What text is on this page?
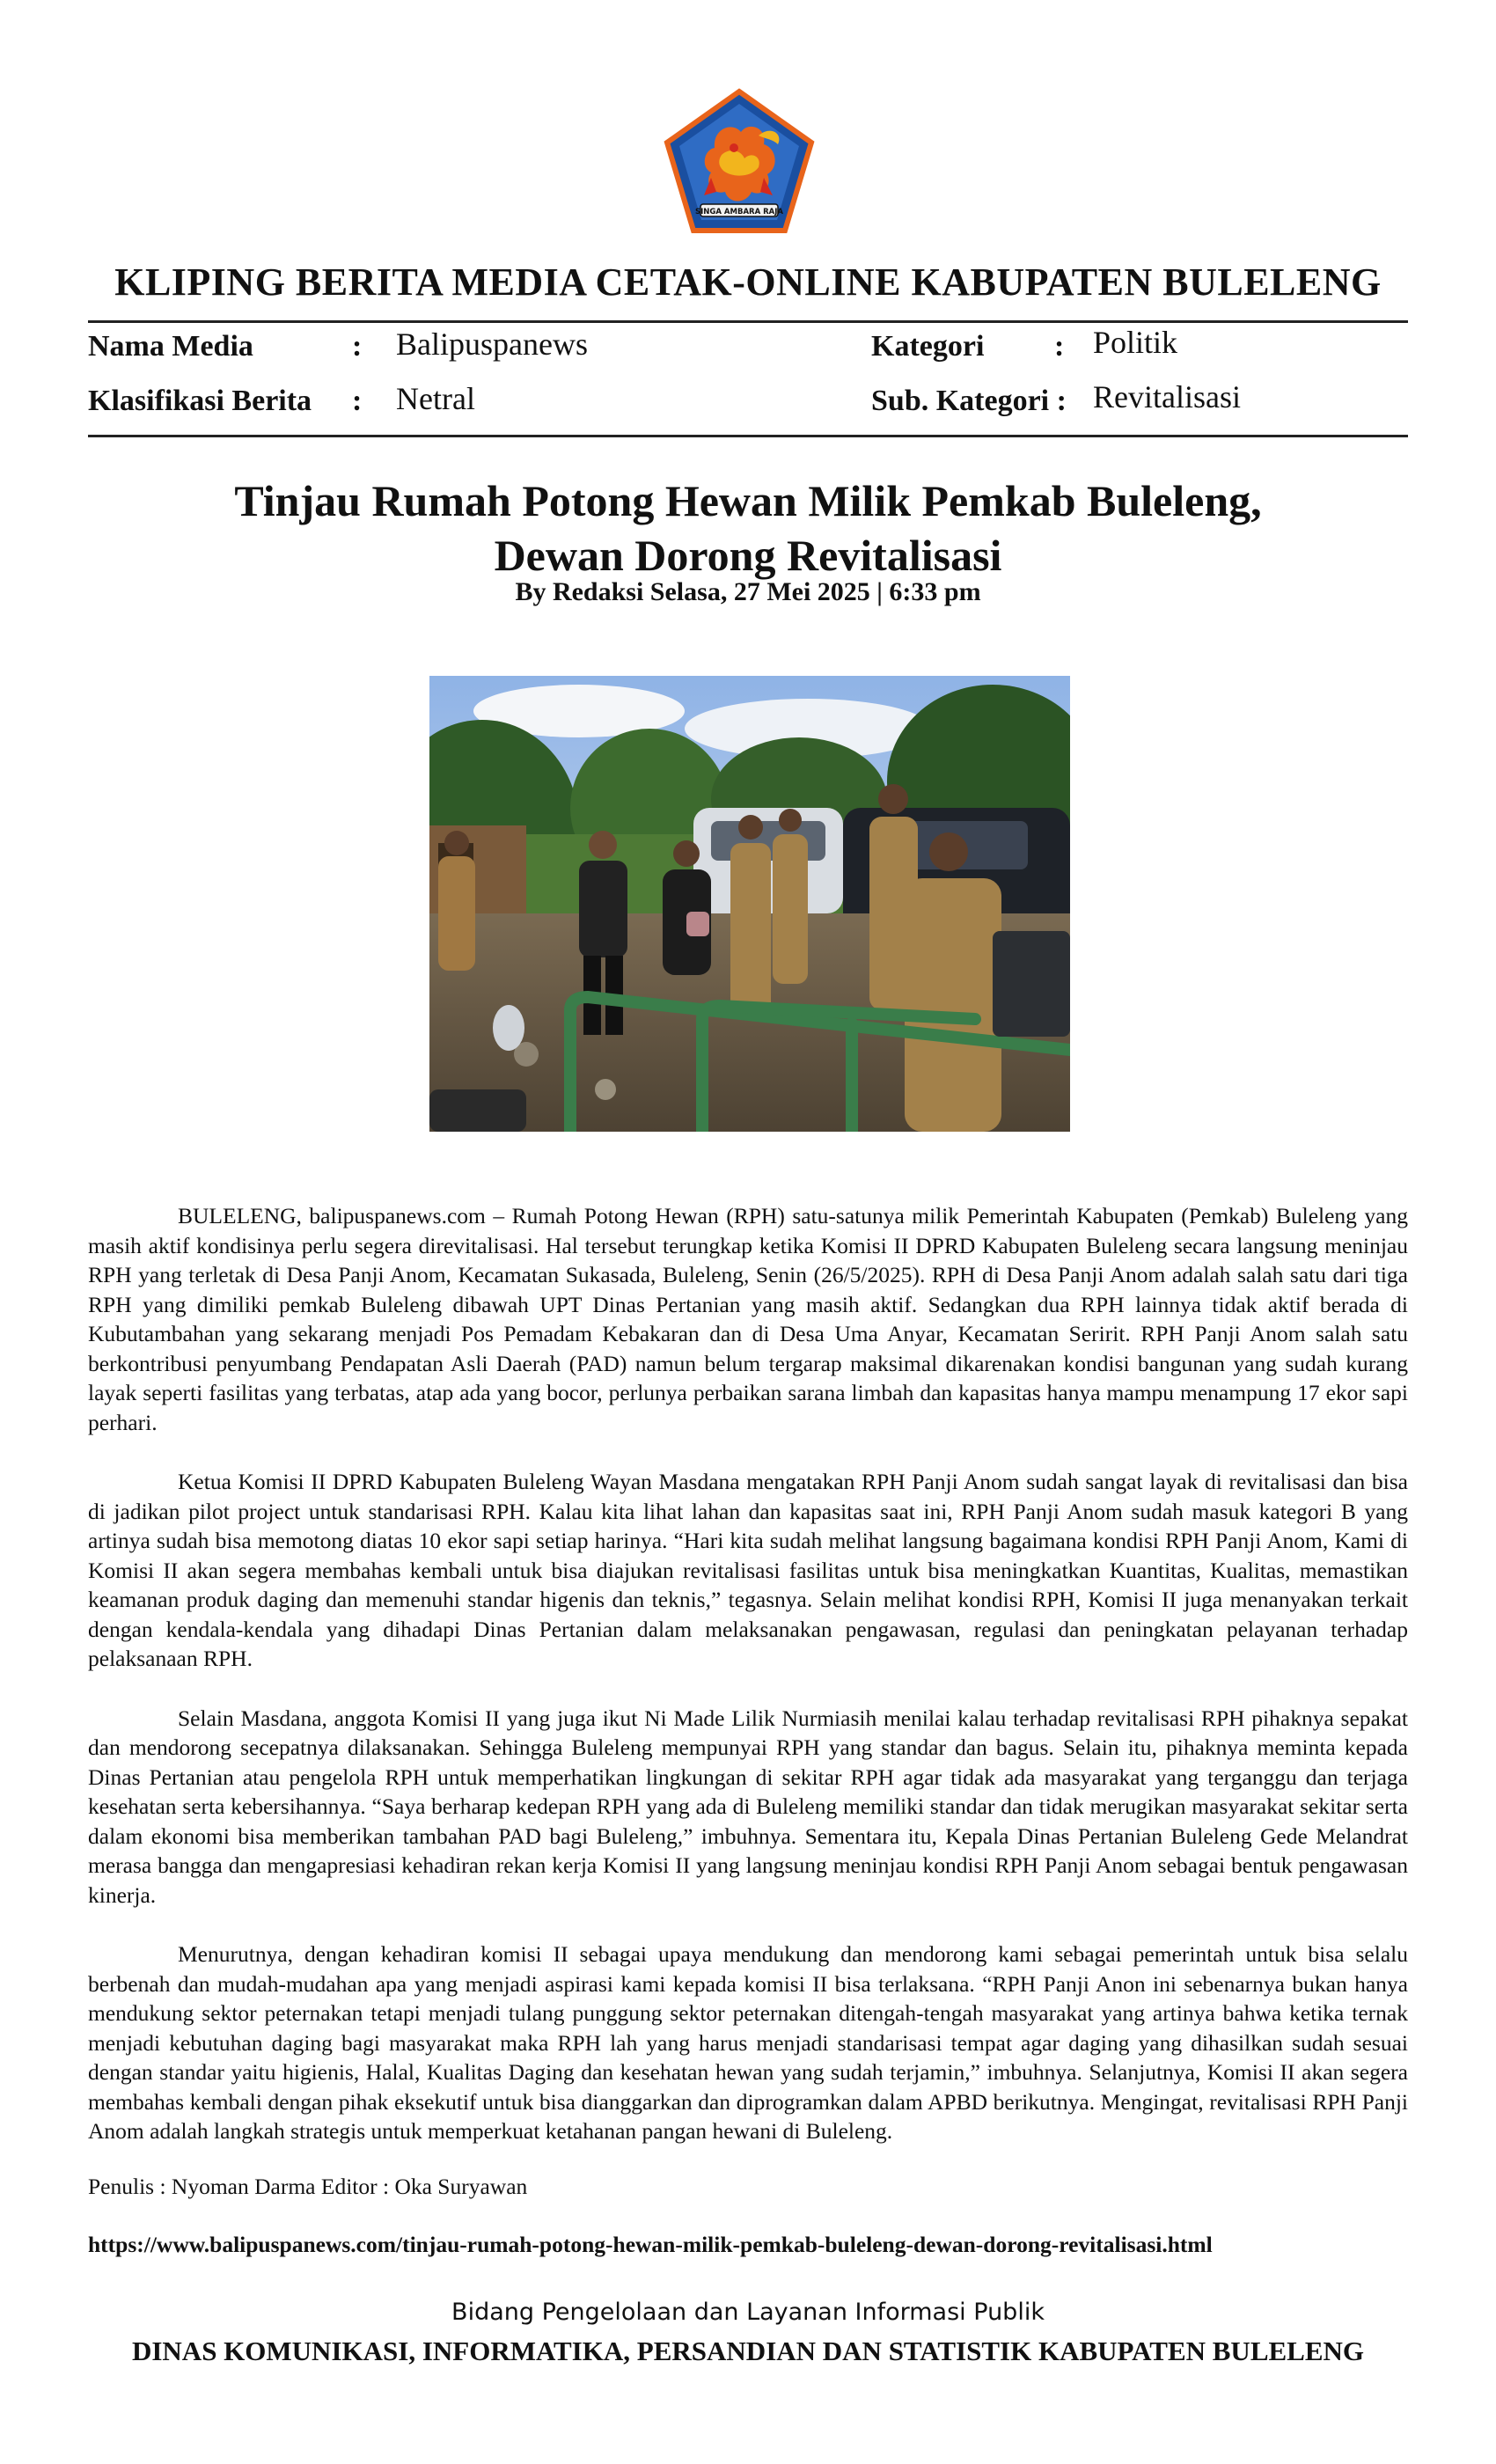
SINGA AMBARA RAJA
KLIPING BERITA MEDIA CETAK-ONLINE KABUPATEN BULELENG
Nama Media	: Balipuspanews
Klasifikasi Berita : Netral
Kategori : Politik
Sub. Kategori : Revitalisasi
Tinjau Rumah Potong Hewan Milik Pemkab Buleleng,
Dewan Dorong Revitalisasi
By Redaksi Selasa, 27 Mei 2025 | 6:33 pm

BULELENG, balipuspanews.com – Rumah Potong Hewan (RPH) satu-satunya milik Pemerintah Kabupaten (Pemkab) Buleleng yang masih aktif kondisinya perlu segera direvitalisasi. Hal tersebut terungkap ketika Komisi II DPRD Kabupaten Buleleng secara langsung meninjau RPH yang terletak di Desa Panji Anom, Kecamatan Sukasada, Buleleng, Senin (26/5/2025). RPH di Desa Panji Anom adalah salah satu dari tiga RPH yang dimiliki pemkab Buleleng dibawah UPT Dinas Pertanian yang masih aktif. Sedangkan dua RPH lainnya tidak aktif berada di Kubutambahan yang sekarang menjadi Pos Pemadam Kebakaran dan di Desa Uma Anyar, Kecamatan Seririt. RPH Panji Anom salah satu berkontribusi penyumbang Pendapatan Asli Daerah (PAD) namun belum tergarap maksimal dikarenakan kondisi bangunan yang sudah kurang layak seperti fasilitas yang terbatas, atap ada yang bocor, perlunya perbaikan sarana limbah dan kapasitas hanya mampu menampung 17 ekor sapi perhari.

Ketua Komisi II DPRD Kabupaten Buleleng Wayan Masdana mengatakan RPH Panji Anom sudah sangat layak di revitalisasi dan bisa di jadikan pilot project untuk standarisasi RPH. Kalau kita lihat lahan dan kapasitas saat ini, RPH Panji Anom sudah masuk kategori B yang artinya sudah bisa memotong diatas 10 ekor sapi setiap harinya. “Hari kita sudah melihat langsung bagaimana kondisi RPH Panji Anom, Kami di Komisi II akan segera membahas kembali untuk bisa diajukan revitalisasi fasilitas untuk bisa meningkatkan Kuantitas, Kualitas, memastikan keamanan produk daging dan memenuhi standar higenis dan teknis,” tegasnya. Selain melihat kondisi RPH, Komisi II juga menanyakan terkait dengan kendala-kendala yang dihadapi Dinas Pertanian dalam melaksanakan pengawasan, regulasi dan peningkatan pelayanan terhadap pelaksanaan RPH.

Selain Masdana, anggota Komisi II yang juga ikut Ni Made Lilik Nurmiasih menilai kalau terhadap revitalisasi RPH pihaknya sepakat dan mendorong secepatnya dilaksanakan. Sehingga Buleleng mempunyai RPH yang standar dan bagus. Selain itu, pihaknya meminta kepada Dinas Pertanian atau pengelola RPH untuk memperhatikan lingkungan di sekitar RPH agar tidak ada masyarakat yang terganggu dan terjaga kesehatan serta kebersihannya. “Saya berharap kedepan RPH yang ada di Buleleng memiliki standar dan tidak merugikan masyarakat sekitar serta dalam ekonomi bisa memberikan tambahan PAD bagi Buleleng,” imbuhnya. Sementara itu, Kepala Dinas Pertanian Buleleng Gede Melandrat merasa bangga dan mengapresiasi kehadiran rekan kerja Komisi II yang langsung meninjau kondisi RPH Panji Anom sebagai bentuk pengawasan kinerja.

Menurutnya, dengan kehadiran komisi II sebagai upaya mendukung dan mendorong kami sebagai pemerintah untuk bisa selalu berbenah dan mudah-mudahan apa yang menjadi aspirasi kami kepada komisi II bisa terlaksana. “RPH Panji Anon ini sebenarnya bukan hanya mendukung sektor peternakan tetapi menjadi tulang punggung sektor peternakan ditengah-tengah masyarakat yang artinya bahwa ketika ternak menjadi kebutuhan daging bagi masyarakat maka RPH lah yang harus menjadi standarisasi tempat agar daging yang dihasilkan sudah sesuai dengan standar yaitu higienis, Halal, Kualitas Daging dan kesehatan hewan yang sudah terjamin,” imbuhnya. Selanjutnya, Komisi II akan segera membahas kembali dengan pihak eksekutif untuk bisa dianggarkan dan diprogramkan dalam APBD berikutnya. Mengingat, revitalisasi RPH Panji Anom adalah langkah strategis untuk memperkuat ketahanan pangan hewani di Buleleng.

Penulis : Nyoman Darma Editor : Oka Suryawan
https://www.balipuspanews.com/tinjau-rumah-potong-hewan-milik-pemkab-buleleng-dewan-dorong-revitalisasi.html
Bidang Pengelolaan dan Layanan Informasi Publik
DINAS KOMUNIKASI, INFORMATIKA, PERSANDIAN DAN STATISTIK KABUPATEN BULELENG
